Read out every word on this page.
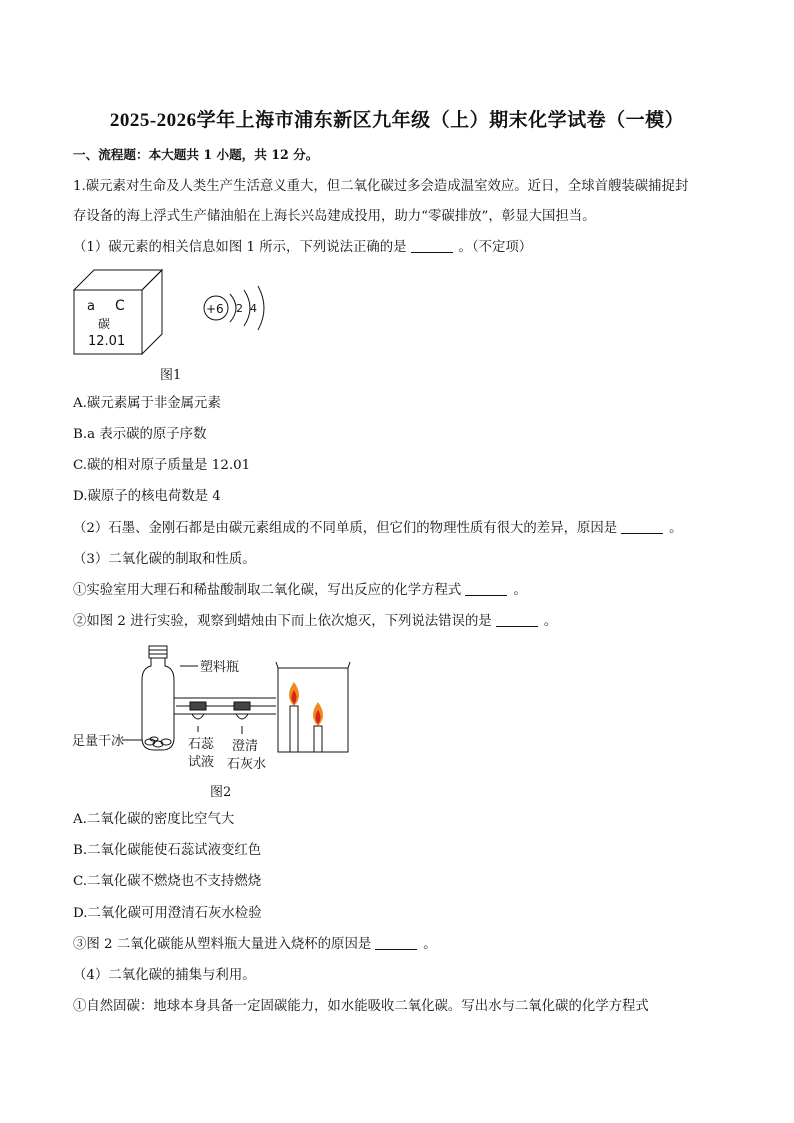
2025-2026学年上海市浦东新区九年级（上）期末化学试卷（一模）
一、流程题：本大题共 1 小题，共 12 分。
1.碳元素对生命及人类生产生活意义重大，但二氧化碳过多会造成温室效应。近日，全球首艘装碳捕捉封
存设备的海上浮式生产储油船在上海长兴岛建成投用，助力“零碳排放”，彰显大国担当。
（1）碳元素的相关信息如图 1 所示，下列说法正确的是	。（不定项）
a C
碳
12.01
+6 2 4
图1
A.碳元素属于非金属元素
B.a 表示碳的原子序数
C.碳的相对原子质量是 12.01
D.碳原子的核电荷数是 4
（2）石墨、金刚石都是由碳元素组成的不同单质，但它们的物理性质有很大的差异，原因是	。
（3）二氧化碳的制取和性质。
①实验室用大理石和稀盐酸制取二氧化碳，写出反应的化学方程式	。
②如图 2 进行实验，观察到蜡烛由下而上依次熄灭，下列说法错误的是	。
塑料瓶
足量干冰	石蕊
试液
澄清
石灰水
图2
A.二氧化碳的密度比空气大
B.二氧化碳能使石蕊试液变红色
C.二氧化碳不燃烧也不支持燃烧
D.二氧化碳可用澄清石灰水检验
③图 2 二氧化碳能从塑料瓶大量进入烧杯的原因是	。
（4）二氧化碳的捕集与利用。
①自然固碳：地球本身具备一定固碳能力，如水能吸收二氧化碳。写出水与二氧化碳的化学方程式
